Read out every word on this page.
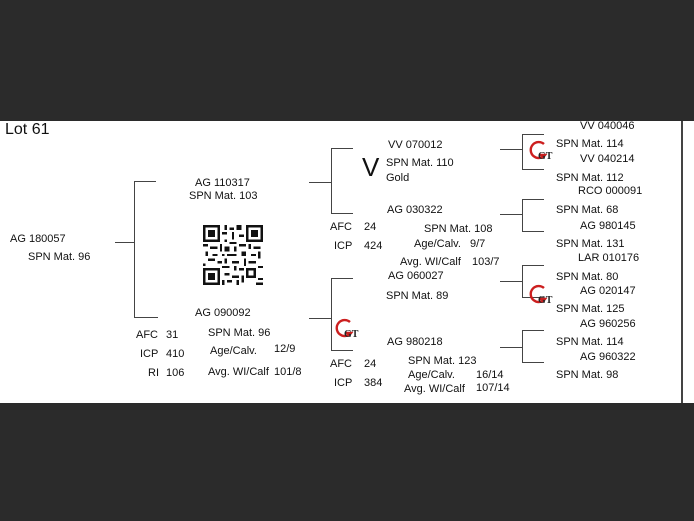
Lot 61
AG 180057
SPN Mat. 96
AG 110317
SPN Mat. 103
AG 090092
AFC 31	SPN Mat. 96
ICP 410 Age/Calv. 12/9
RI 106 Avg. WI/Calf 101/8
V
VV 070012
SPN Mat. 110
Gold
AG 030322
AFC 24	SPN Mat. 108
ICP 424	Age/Calv. 9/7
Avg. WI/Calf 103/7
AG 060027
SPN Mat. 89
GT
AG 980218
AFC 24	SPN Mat. 123
ICP 384
Age/Calv. 16/14
Avg. WI/Calf 107/14
GT
GT
VV 040046
SPN Mat. 114
VV 040214
SPN Mat. 112
RCO 000091
SPN Mat. 68
AG 980145
SPN Mat. 131
LAR 010176
SPN Mat. 80
AG 020147
SPN Mat. 125
AG 960256
SPN Mat. 114
AG 960322
SPN Mat. 98
